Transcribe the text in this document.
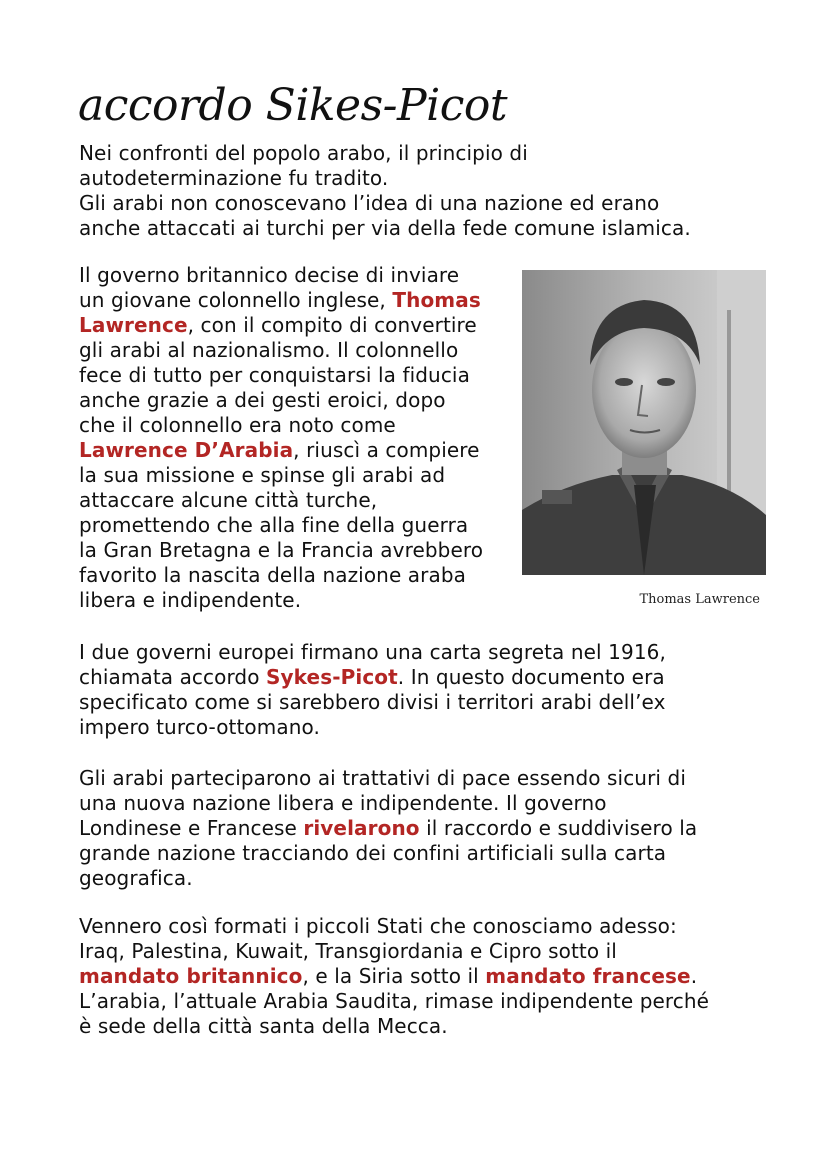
accordo Sikes-Picot

Nei confronti del popolo arabo, il principio di
autodeterminazione fu tradito.
Gli arabi non conoscevano l’idea di una nazione ed erano
anche attaccati ai turchi per via della fede comune islamica.

Il governo britannico decise di inviare
un giovane colonnello inglese, Thomas
Lawrence, con il compito di convertire
gli arabi al nazionalismo. Il colonnello
fece di tutto per conquistarsi la fiducia
anche grazie a dei gesti eroici, dopo
che il colonnello era noto come
Lawrence D’Arabia, riuscì a compiere
la sua missione e spinse gli arabi ad
attaccare alcune città turche,
promettendo che alla fine della guerra
la Gran Bretagna e la Francia avrebbero
favorito la nascita della nazione araba
libera e indipendente.	Thomas Lawrence

I due governi europei firmano una carta segreta nel 1916,
chiamata accordo Sykes-Picot. In questo documento era
specificato come si sarebbero divisi i territori arabi dell’ex
impero turco-ottomano.

Gli arabi parteciparono ai trattativi di pace essendo sicuri di
una nuova nazione libera e indipendente. Il governo
Londinese e Francese rivelarono il raccordo e suddivisero la
grande nazione tracciando dei confini artificiali sulla carta
geografica.

Vennero così formati i piccoli Stati che conosciamo adesso:
Iraq, Palestina, Kuwait, Transgiordania e Cipro sotto il
mandato britannico, e la Siria sotto il mandato francese.
L’arabia, l’attuale Arabia Saudita, rimase indipendente perché
è sede della città santa della Mecca.
